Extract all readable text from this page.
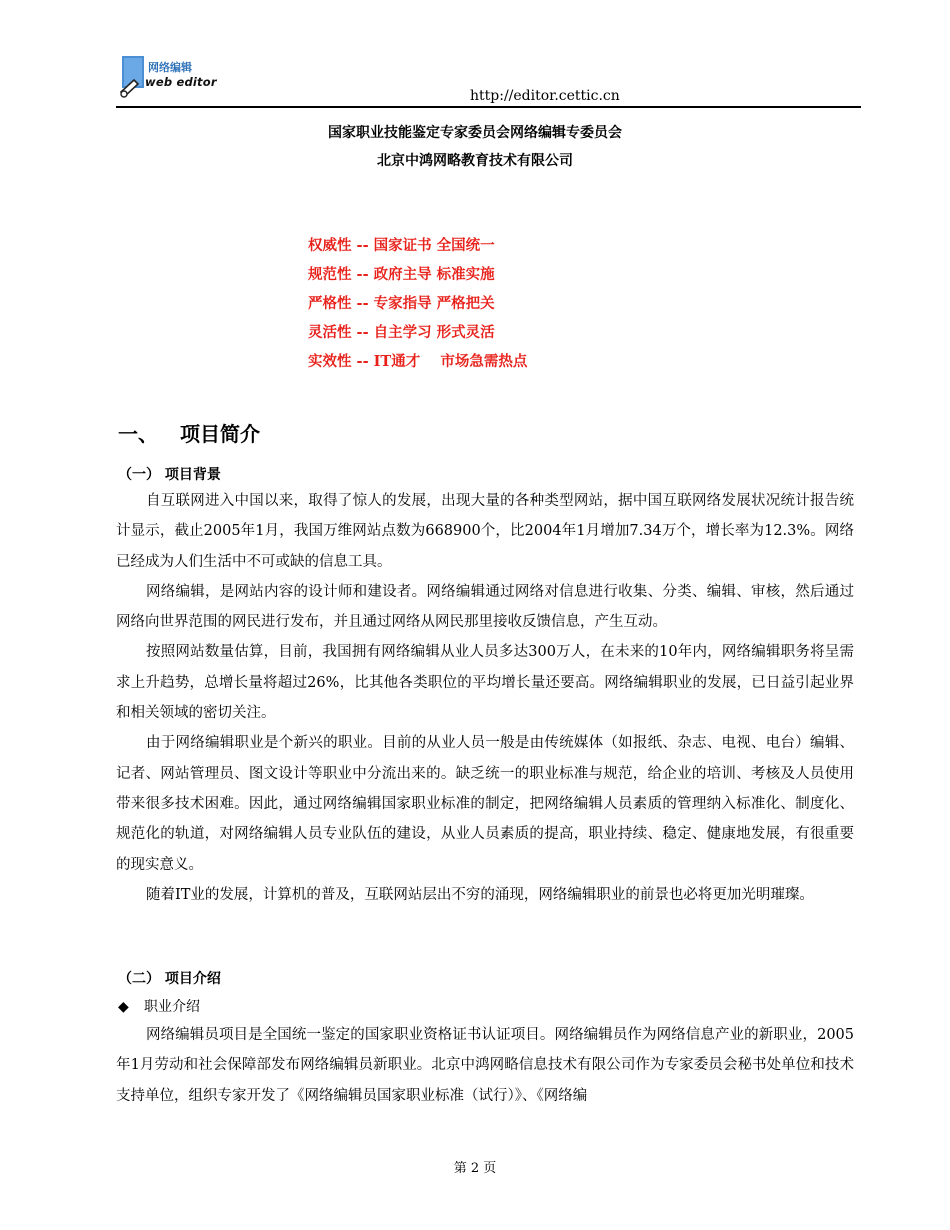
网络编辑
web editor
http://editor.cettic.cn
国家职业技能鉴定专家委员会网络编辑专委员会
北京中鸿网略教育技术有限公司
权威性 -- 国家证书 全国统一
规范性 -- 政府主导 标准实施
严格性 -- 专家指导 严格把关
灵活性 -- 自主学习 形式灵活
实效性 -- IT通才    市场急需热点
一、 项目简介
（一） 项目背景

自互联网进入中国以来，取得了惊人的发展，出现大量的各种类型网站，据中国互联网络发展状况统计报告统计显示，截止2005年1月，我国万维网站点数为668900个，比2004年1月增加7.34万个，增长率为12.3%。网络已经成为人们生活中不可或缺的信息工具。

网络编辑，是网站内容的设计师和建设者。网络编辑通过网络对信息进行收集、分类、编辑、审核，然后通过网络向世界范围的网民进行发布，并且通过网络从网民那里接收反馈信息，产生互动。

按照网站数量估算，目前，我国拥有网络编辑从业人员多达300万人，在未来的10年内，网络编辑职务将呈需求上升趋势，总增长量将超过26%，比其他各类职位的平均增长量还要高。网络编辑职业的发展，已日益引起业界和相关领域的密切关注。

由于网络编辑职业是个新兴的职业。目前的从业人员一般是由传统媒体（如报纸、杂志、电视、电台）编辑、记者、网站管理员、图文设计等职业中分流出来的。缺乏统一的职业标准与规范，给企业的培训、考核及人员使用带来很多技术困难。因此，通过网络编辑国家职业标准的制定，把网络编辑人员素质的管理纳入标准化、制度化、规范化的轨道，对网络编辑人员专业队伍的建设，从业人员素质的提高，职业持续、稳定、健康地发展，有很重要的现实意义。

随着IT业的发展，计算机的普及，互联网站层出不穷的涌现，网络编辑职业的前景也必将更加光明璀璨。

（二） 项目介绍
◆ 职业介绍

网络编辑员项目是全国统一鉴定的国家职业资格证书认证项目。网络编辑员作为网络信息产业的新职业，2005年1月劳动和社会保障部发布网络编辑员新职业。北京中鸿网略信息技术有限公司作为专家委员会秘书处单位和技术支持单位，组织专家开发了《网络编辑员国家职业标准（试行）》、《网络编

第 2 页
